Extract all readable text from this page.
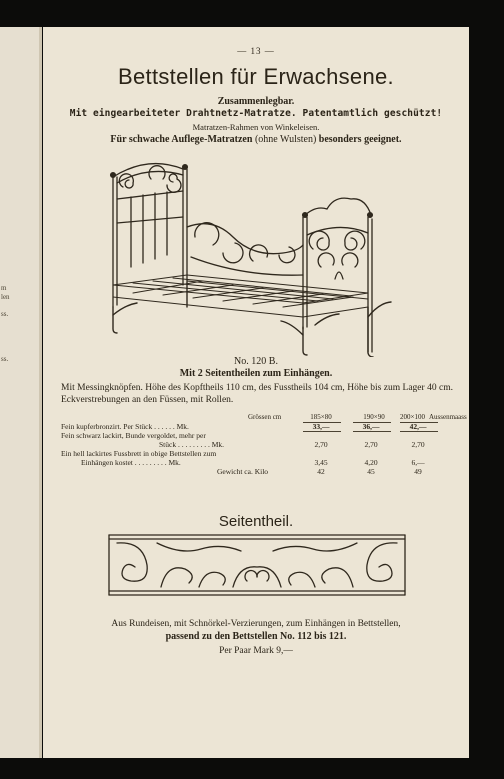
m
len
ss.
ss.
— 13 —
Bettstellen für Erwachsene.
Zusammenlegbar.
Mit eingearbeiteter Drahtnetz-Matratze. Patentamtlich geschützt!
Matratzen-Rahmen von Winkeleisen.
Für schwache Auflege-Matratzen (ohne Wulsten) besonders geeignet.
No. 120 B.
Mit 2 Seitentheilen zum Einhängen.
Mit Messingknöpfen. Höhe des Kopftheils 110 cm, des Fusstheils 104 cm, Höhe bis zum Lager 40 cm. Eckverstrebungen an den Füssen, mit Rollen.
Grössen cm	185×80	190×90	200×100 Aussenmaass
Fein kupferbronzirt. Per Stück . . . . . . Mk.	33,—	36,—	42,—
Fein schwarz lackirt, Bunde vergoldet, mehr per
Stück . . . . . . . . . Mk.	2,70	2,70	2,70
Ein hell lackirtes Fussbrett in obige Bettstellen zum
Einhängen kostet . . . . . . . . . Mk.	3,45	4,20	6,—
Gewicht ca. Kilo	42	45	49
Seitentheil.
Aus Rundeisen, mit Schnörkel-Verzierungen, zum Einhängen in Bettstellen,
passend zu den Bettstellen No. 112 bis 121.
Per Paar Mark 9,—
